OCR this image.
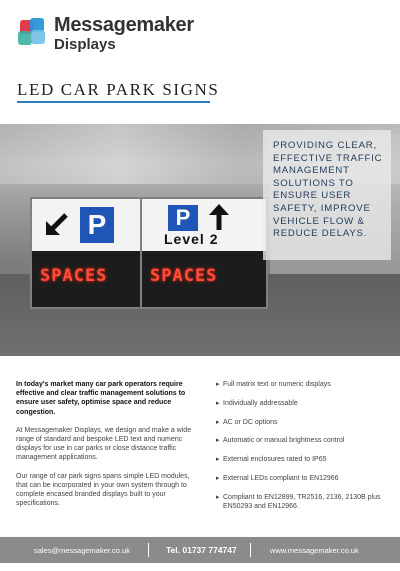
Messagemaker
Displays
LED CAR PARK SIGNS
P
SPACES
P
Level 2
SPACES
PROVIDING CLEAR, EFFECTIVE TRAFFIC MANAGEMENT SOLUTIONS TO ENSURE USER SAFETY, IMPROVE VEHICLE FLOW & REDUCE DELAYS.

In today's market many car park operators require effective and clear traffic management solutions to ensure user safety, optimise space and reduce congestion.

At Messagemaker Displays, we design and make a wide range of standard and bespoke LED text and numeric displays for use in car parks or close distance traffic management applications.

Our range of car park signs spans simple LED modules, that can be incorporated in your own system through to complete encased branded displays built to your specifications.

▸ Full matrix text or numeric displays
▸ Individually addressable
▸ AC or DC options
▸ Automatic or manual brightness control
▸ External enclosures rated to IP65
▸ External LEDs compliant to EN12966
▸ Compliant to EN12899, TR2516, 2136, 2130B plus EN50293 and EN12966.
sales@messagemaker.co.uk	Tel. 01737 774747	www.messagemaker.co.uk
